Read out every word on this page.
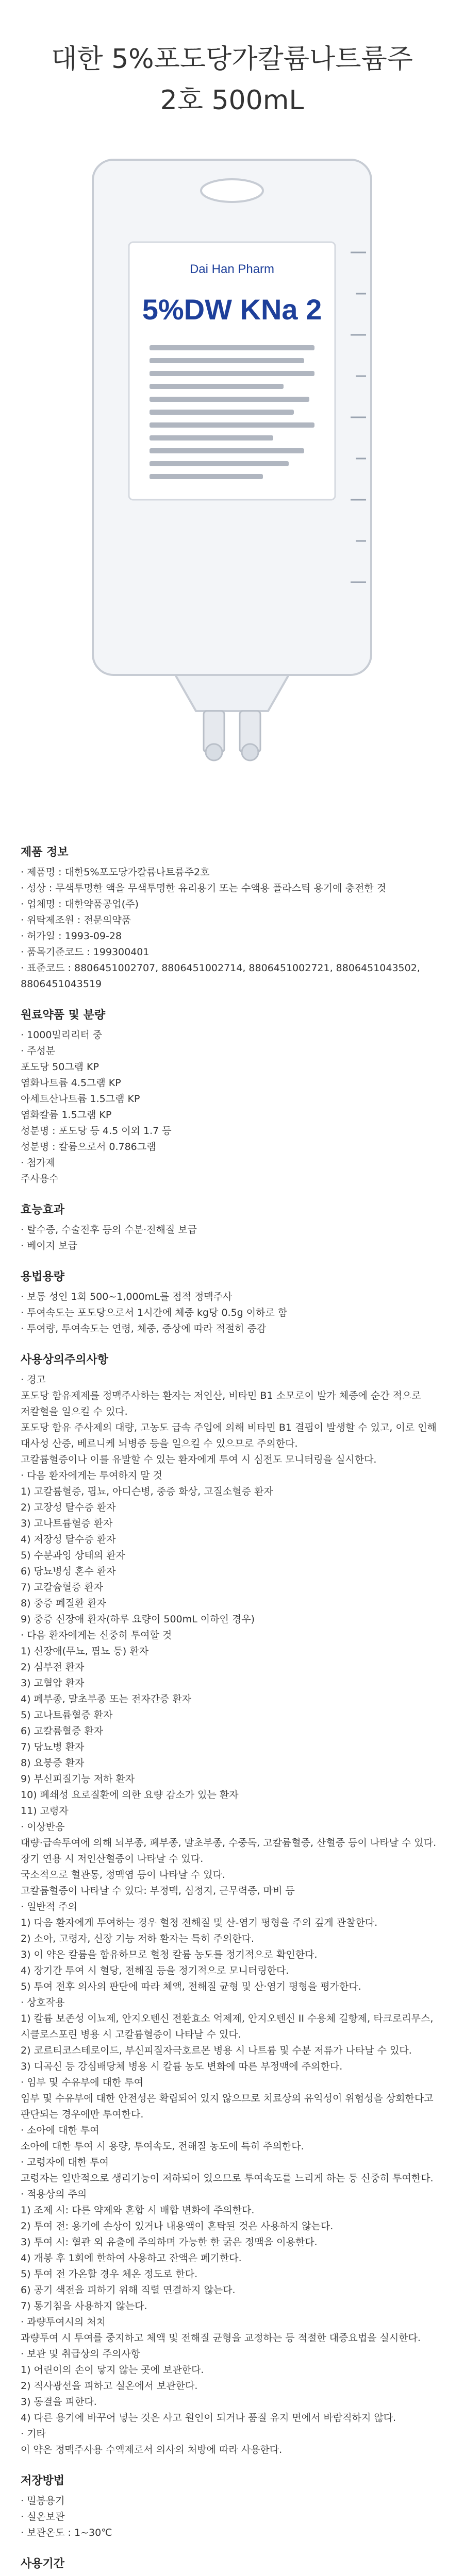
대한 5%포도당가칼륨나트륨주
2호 500mL
Dai Han Pharm
5%DW KNa 2
제품 정보
· 제품명 : 대한5%포도당가칼륨나트륨주2호
· 성상 : 무색투명한 액을 무색투명한 유리용기 또는 수액용 플라스틱 용기에 충전한 것
· 업체명 : 대한약품공업(주)
· 위탁제조원 : 전문의약품
· 허가일 : 1993-09-28
· 품목기준코드 : 199300401
· 표준코드 : 8806451002707, 8806451002714, 8806451002721, 8806451043502, 8806451043519
원료약품 및 분량
· 1000밀리리터 중
· 주성분
포도당 50그램 KP
염화나트륨 4.5그램 KP
아세트산나트륨 1.5그램 KP
염화칼륨 1.5그램 KP
성분명 : 포도당 등 4.5 이외 1.7 등
성분명 : 칼륨으로서 0.786그램
· 첨가제
주사용수
효능효과
· 탈수증, 수술전후 등의 수분·전해질 보급
· 베이지 보급
용법용량
· 보통 성인 1회 500~1,000mL를 점적 정맥주사
· 투여속도는 포도당으로서 1시간에 체중 kg당 0.5g 이하로 함
· 투여량, 투여속도는 연령, 체중, 증상에 따라 적절히 증감
사용상의주의사항
· 경고
포도당 함유제제를 정맥주사하는 환자는 저인산, 비타민 B1 소모로이 발가 체증에 순간 적으로 저칼혈을 일으킬 수 있다.
포도당 함유 주사제의 대량, 고농도 급속 주입에 의해 비타민 B1 결핍이 발생할 수 있고, 이로 인해 대사성 산증, 베르니케 뇌병증 등을 일으킬 수 있으므로 주의한다.
고칼륨혈증이나 이를 유발할 수 있는 환자에게 투여 시 심전도 모니터링을 실시한다.
· 다음 환자에게는 투여하지 말 것
1) 고칼륨혈증, 핍뇨, 아디슨병, 중증 화상, 고질소혈증 환자
2) 고장성 탈수증 환자
3) 고나트륨혈증 환자
4) 저장성 탈수증 환자
5) 수분과잉 상태의 환자
6) 당뇨병성 혼수 환자
7) 고칼슘혈증 환자
8) 중증 폐질환 환자
9) 중증 신장애 환자(하루 요량이 500mL 이하인 경우)
· 다음 환자에게는 신중히 투여할 것
1) 신장애(무뇨, 핍뇨 등) 환자
2) 심부전 환자
3) 고혈압 환자
4) 폐부종, 말초부종 또는 전자간증 환자
5) 고나트륨혈증 환자
6) 고칼륨혈증 환자
7) 당뇨병 환자
8) 요붕증 환자
9) 부신피질기능 저하 환자
10) 폐쇄성 요로질환에 의한 요량 감소가 있는 환자
11) 고령자
· 이상반응
대량·급속투여에 의해 뇌부종, 폐부종, 말초부종, 수중독, 고칼륨혈증, 산혈증 등이 나타날 수 있다.
장기 연용 시 저인산혈증이 나타날 수 있다.
국소적으로 혈관통, 정맥염 등이 나타날 수 있다.
고칼륨혈증이 나타날 수 있다: 부정맥, 심정지, 근무력증, 마비 등
· 일반적 주의
1) 다음 환자에게 투여하는 경우 혈청 전해질 및 산-염기 평형을 주의 깊게 관찰한다.
2) 소아, 고령자, 신장 기능 저하 환자는 특히 주의한다.
3) 이 약은 칼륨을 함유하므로 혈청 칼륨 농도를 정기적으로 확인한다.
4) 장기간 투여 시 혈당, 전해질 등을 정기적으로 모니터링한다.
5) 투여 전후 의사의 판단에 따라 체액, 전해질 균형 및 산·염기 평형을 평가한다.
· 상호작용
1) 칼륨 보존성 이뇨제, 안지오텐신 전환효소 억제제, 안지오텐신 II 수용체 길항제, 타크로리무스, 시클로스포린 병용 시 고칼륨혈증이 나타날 수 있다.
2) 코르티코스테로이드, 부신피질자극호르몬 병용 시 나트륨 및 수분 저류가 나타날 수 있다.
3) 디곡신 등 강심배당체 병용 시 칼륨 농도 변화에 따른 부정맥에 주의한다.
· 임부 및 수유부에 대한 투여
임부 및 수유부에 대한 안전성은 확립되어 있지 않으므로 치료상의 유익성이 위험성을 상회한다고 판단되는 경우에만 투여한다.
· 소아에 대한 투여
소아에 대한 투여 시 용량, 투여속도, 전해질 농도에 특히 주의한다.
· 고령자에 대한 투여
고령자는 일반적으로 생리기능이 저하되어 있으므로 투여속도를 느리게 하는 등 신중히 투여한다.
· 적용상의 주의
1) 조제 시: 다른 약제와 혼합 시 배합 변화에 주의한다.
2) 투여 전: 용기에 손상이 있거나 내용액이 혼탁된 것은 사용하지 않는다.
3) 투여 시: 혈관 외 유출에 주의하며 가능한 한 굵은 정맥을 이용한다.
4) 개봉 후 1회에 한하여 사용하고 잔액은 폐기한다.
5) 투여 전 가온할 경우 체온 정도로 한다.
6) 공기 색전을 피하기 위해 직렬 연결하지 않는다.
7) 통기침을 사용하지 않는다.
· 과량투여시의 처치
과량투여 시 투여를 중지하고 체액 및 전해질 균형을 교정하는 등 적절한 대증요법을 실시한다.
· 보관 및 취급상의 주의사항
1) 어린이의 손이 닿지 않는 곳에 보관한다.
2) 직사광선을 피하고 실온에서 보관한다.
3) 동결을 피한다.
4) 다른 용기에 바꾸어 넣는 것은 사고 원인이 되거나 품질 유지 면에서 바람직하지 않다.
· 기타
이 약은 정맥주사용 수액제로서 의사의 처방에 따라 사용한다.
저장방법
· 밀봉용기
· 실온보관
· 보관온도 : 1~30℃
사용기간
